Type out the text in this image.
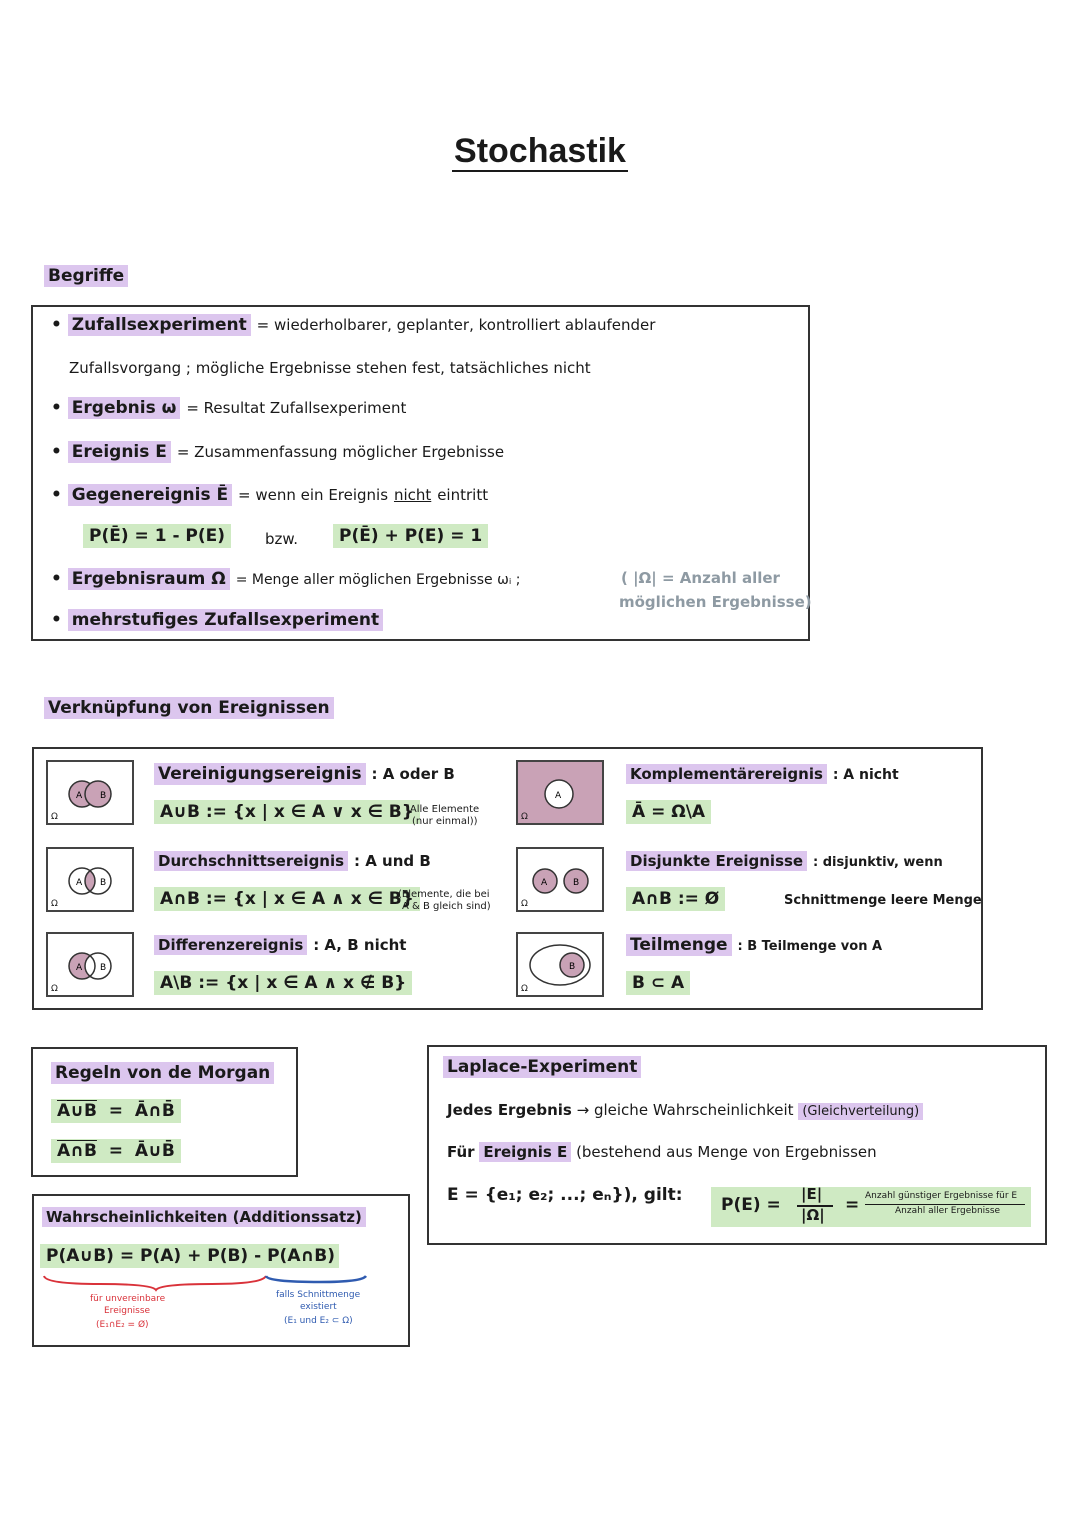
Stochastik
Begriffe
• Zufallsexperiment = wiederholbarer, geplanter, kontrolliert ablaufender
Zufallsvorgang ; mögliche Ergebnisse stehen fest, tatsächliches nicht
• Ergebnis ω = Resultat Zufallsexperiment
• Ereignis E = Zusammenfassung möglicher Ergebnisse
• Gegenereignis Ē = wenn ein Ereignis nicht eintritt
P(Ē) = 1 - P(E)	bzw.	P(Ē) + P(E) = 1
• Ergebnisraum Ω = Menge aller möglichen Ergebnisse ωᵢ ;	( |Ω| = Anzahl aller
möglichen Ergebnisse)
• mehrstufiges Zufallsexperiment
Verknüpfung von Ereignissen
A B
Ω
Vereinigungsereignis : A oder B
A∪B := {x | x ∈ A ∨ x ∈ B}
(Alle Elemente
(nur einmal))
A B
Ω
Durchschnittsereignis : A und B
A∩B := {x | x ∈ A ∧ x ∈ B}
(Elemente, die bei
A & B gleich sind)
A B
Ω
Differenzereignis : A, B nicht
A\B := {x | x ∈ A ∧ x ∉ B}
A
Ω
Komplementärereignis : A nicht
Ā = Ω\A
A	B
Ω
Disjunkte Ereignisse : disjunktiv, wenn
A∩B := Ø	Schnittmenge leere Menge
B
Ω
Teilmenge : B Teilmenge von A
B ⊂ A
Regeln von de Morgan
A∪B = Ā∩B̄
A∩B = Ā∪B̄
Laplace-Experiment
Jedes Ergebnis → gleiche Wahrscheinlichkeit (Gleichverteilung)
Für Ereignis E (bestehend aus Menge von Ergebnissen
E = {e₁; e₂; ...; eₙ}), gilt: P(E) =
|E|
|Ω| = Anzahl günstiger Ergebnisse für E
Anzahl aller Ergebnisse
Wahrscheinlichkeiten (Additionssatz)
P(A∪B) = P(A) + P(B) - P(A∩B)
für unvereinbare
Ereignisse
(E₁∩E₂ = Ø)
falls Schnittmenge
existiert
(E₁ und E₂ ⊂ Ω)
